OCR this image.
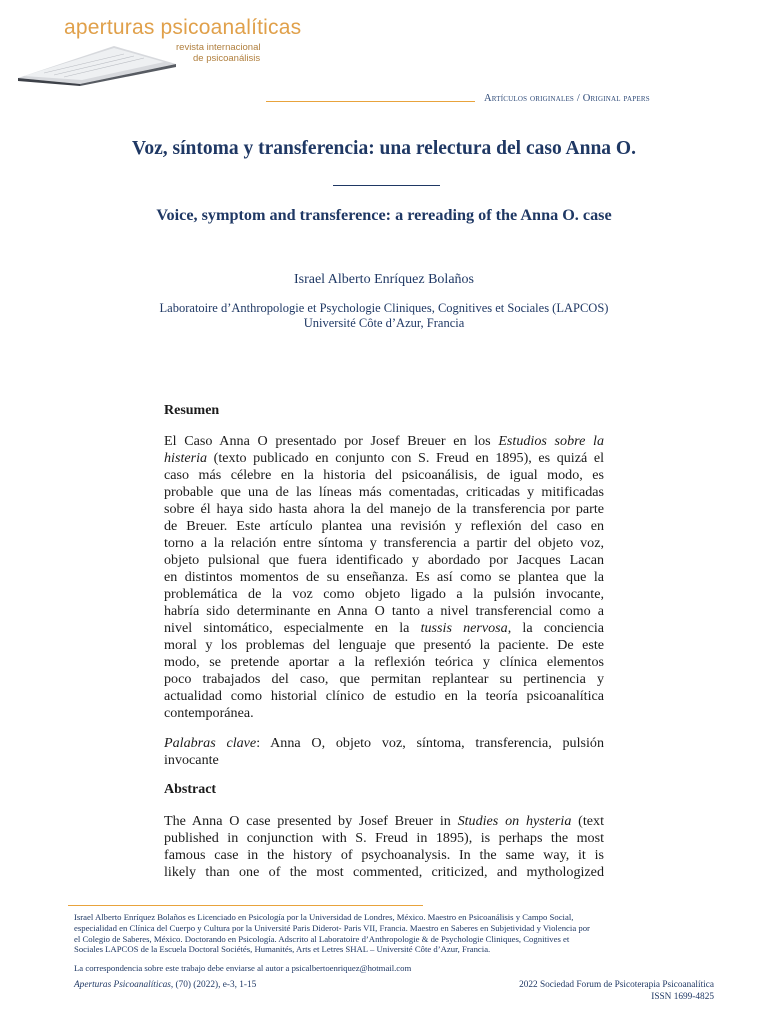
aperturas psicoanalíticas
revista internacional
de psicoanálisis
Artículos originales / Original papers
Voz, síntoma y transferencia: una relectura del caso Anna O.
Voice, symptom and transference: a rereading of the Anna O. case
Israel Alberto Enríquez Bolaños
Laboratoire d’Anthropologie et Psychologie Cliniques, Cognitives et Sociales (LAPCOS)
Université Côte d’Azur, Francia
Resumen
El Caso Anna O presentado por Josef Breuer en los Estudios sobre la
histeria (texto publicado en conjunto con S. Freud en 1895), es quizá el
caso más célebre en la historia del psicoanálisis, de igual modo, es
probable que una de las líneas más comentadas, criticadas y mitificadas
sobre él haya sido hasta ahora la del manejo de la transferencia por parte
de Breuer. Este artículo plantea una revisión y reflexión del caso en
torno a la relación entre síntoma y transferencia a partir del objeto voz,
objeto pulsional que fuera identificado y abordado por Jacques Lacan
en distintos momentos de su enseñanza. Es así como se plantea que la
problemática de la voz como objeto ligado a la pulsión invocante,
habría sido determinante en Anna O tanto a nivel transferencial como a
nivel sintomático, especialmente en la tussis nervosa, la conciencia
moral y los problemas del lenguaje que presentó la paciente. De este
modo, se pretende aportar a la reflexión teórica y clínica elementos
poco trabajados del caso, que permitan replantear su pertinencia y
actualidad como historial clínico de estudio en la teoría psicoanalítica
contemporánea.
Palabras clave: Anna O, objeto voz, síntoma, transferencia, pulsión
invocante
Abstract
The Anna O case presented by Josef Breuer in Studies on hysteria (text
published in conjunction with S. Freud in 1895), is perhaps the most
famous case in the history of psychoanalysis. In the same way, it is
likely than one of the most commented, criticized, and mythologized
Israel Alberto Enríquez Bolaños es Licenciado en Psicología por la Universidad de Londres, México. Maestro en Psicoanálisis y Campo Social,
especialidad en Clínica del Cuerpo y Cultura por la Université Paris Diderot- Paris VII, Francia. Maestro en Saberes en Subjetividad y Violencia por
el Colegio de Saberes, México. Doctorando en Psicología. Adscrito al Laboratoire d’Anthropologie & de Psychologie Cliniques, Cognitives et
Sociales LAPCOS de la Escuela Doctoral Sociétés, Humanités, Arts et Letres SHAL – Université Côte d’Azur, Francia.
La correspondencia sobre este trabajo debe enviarse al autor a psicalbertoenriquez@hotmail.com
Aperturas Psicoanalíticas, (70) (2022), e-3, 1-15	2022 Sociedad Forum de Psicoterapia Psicoanalítica
ISSN 1699-4825
